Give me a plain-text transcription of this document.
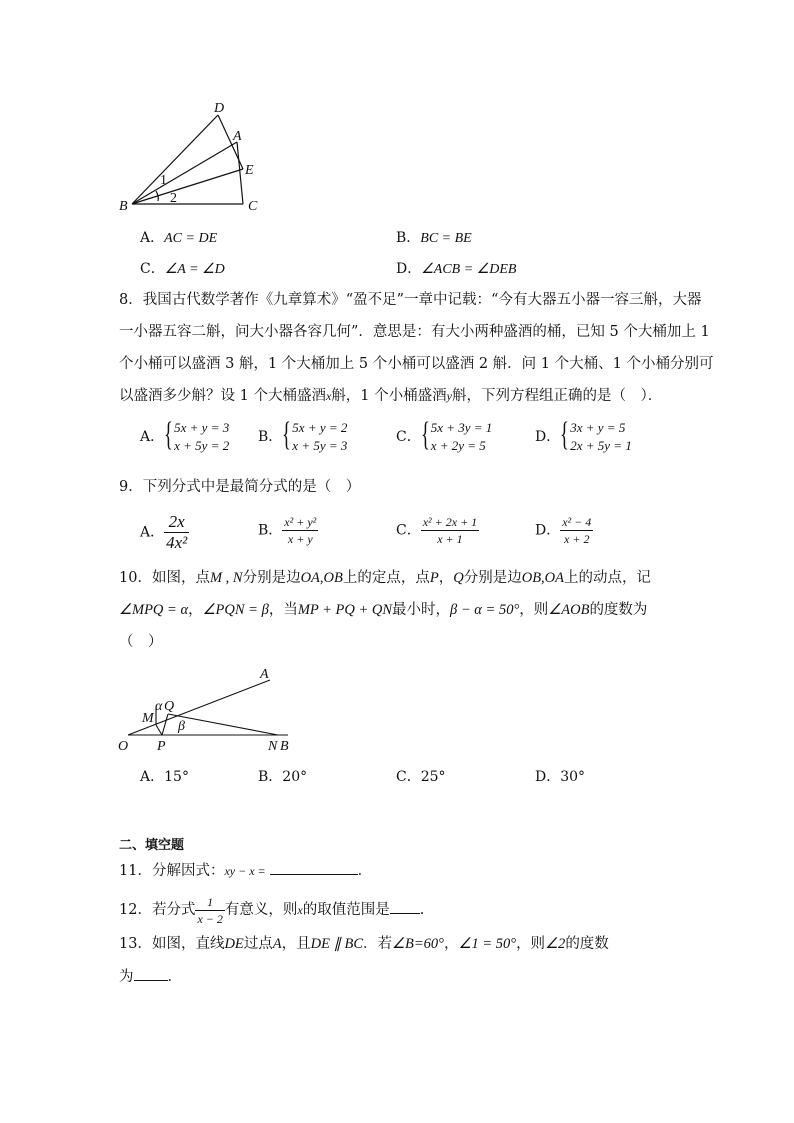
D
A
E
B	C
1
2
A．AC = DE	B．BC = BE
C．∠A = ∠D	D．∠ACB = ∠DEB
8．我国古代数学著作《九章算术》“盈不足”一章中记载：“今有大器五小器一容三斛，大器
一小器五容二斛，问大小器各容几何”．意思是：有大小两种盛酒的桶，已知 5 个大桶加上 1
个小桶可以盛酒 3 斛，1 个大桶加上 5 个小桶可以盛酒 2 斛．问 1 个大桶、1 个小桶分别可
以盛酒多少斛？设 1 个大桶盛酒x斛，1 个小桶盛酒y斛，下列方程组正确的是（　）．
A． { 5x + y = 3
x + 5y = 2
B． { 5x + y = 2
x + 5y = 3
C． { 5x + 3y = 1
x + 2y = 5
D． { 3x + y = 5
2x + 5y = 1
9．下列分式中是最简分式的是（　）
A． $\frac{2x}{\text{4x²}}$	B． $\frac{\text{x² + y²}}{x + y}$	C． $\frac{\text{x² + 2x + 1}}{x + 1}$	D． $\frac{\text{x² − 4}}{x + 2}$
10．如图，点M , N分别是边OA,OB上的定点，点P，Q分别是边OB,OA上的动点，记
∠MPQ = α，∠PQN = β，当MP + PQ + QN最小时，β − α = 50°，则∠AOB的度数为
（　）
A
M
α Q
β
O P	N B
A．15°	B．20°	C．25°	D．30°
二、填空题
11．分解因式：xy − x =	．
12．若分式 $\frac{1}{x - 2}$ 有意义，则x的取值范围是 .
13．如图，直线DE过点A，且DE ∥ BC．若∠B=60°，∠1 = 50°，则∠2的度数
为 ．
